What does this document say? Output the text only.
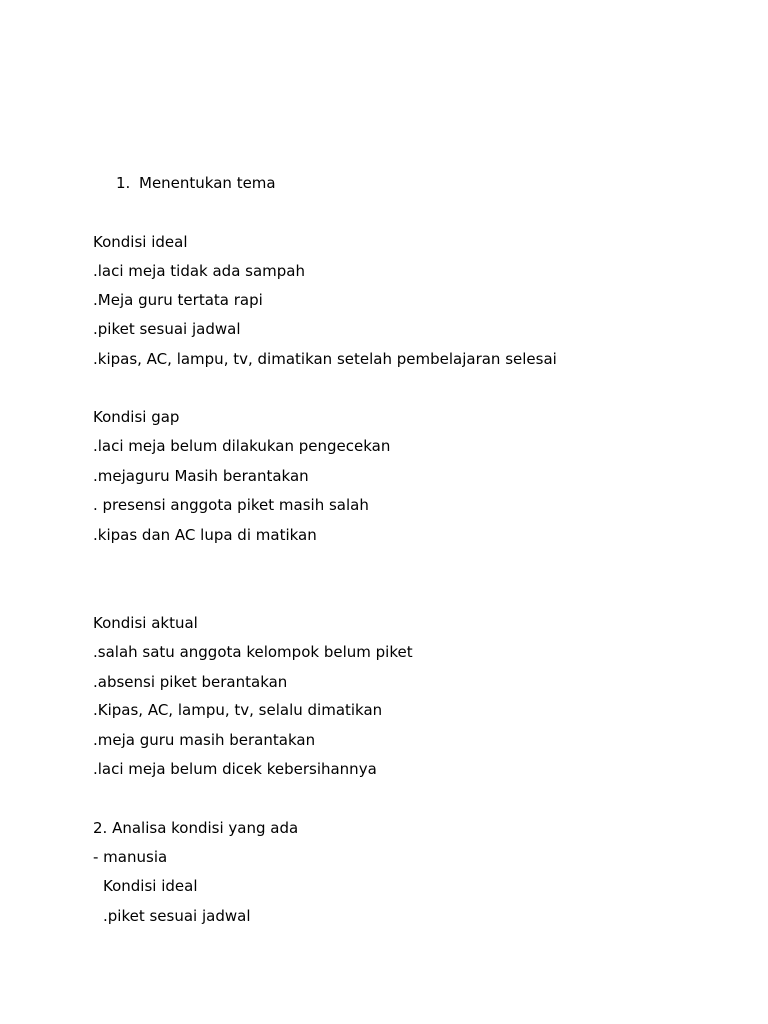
1. Menentukan tema
Kondisi ideal
.laci meja tidak ada sampah
.Meja guru tertata rapi
.piket sesuai jadwal
.kipas, AC, lampu, tv, dimatikan setelah pembelajaran selesai
Kondisi gap
.laci meja belum dilakukan pengecekan
.mejaguru Masih berantakan
. presensi anggota piket masih salah
.kipas dan AC lupa di matikan
Kondisi aktual
.salah satu anggota kelompok belum piket
.absensi piket berantakan
.Kipas, AC, lampu, tv, selalu dimatikan
.meja guru masih berantakan
.laci meja belum dicek kebersihannya
2. Analisa kondisi yang ada
- manusia
Kondisi ideal
.piket sesuai jadwal
